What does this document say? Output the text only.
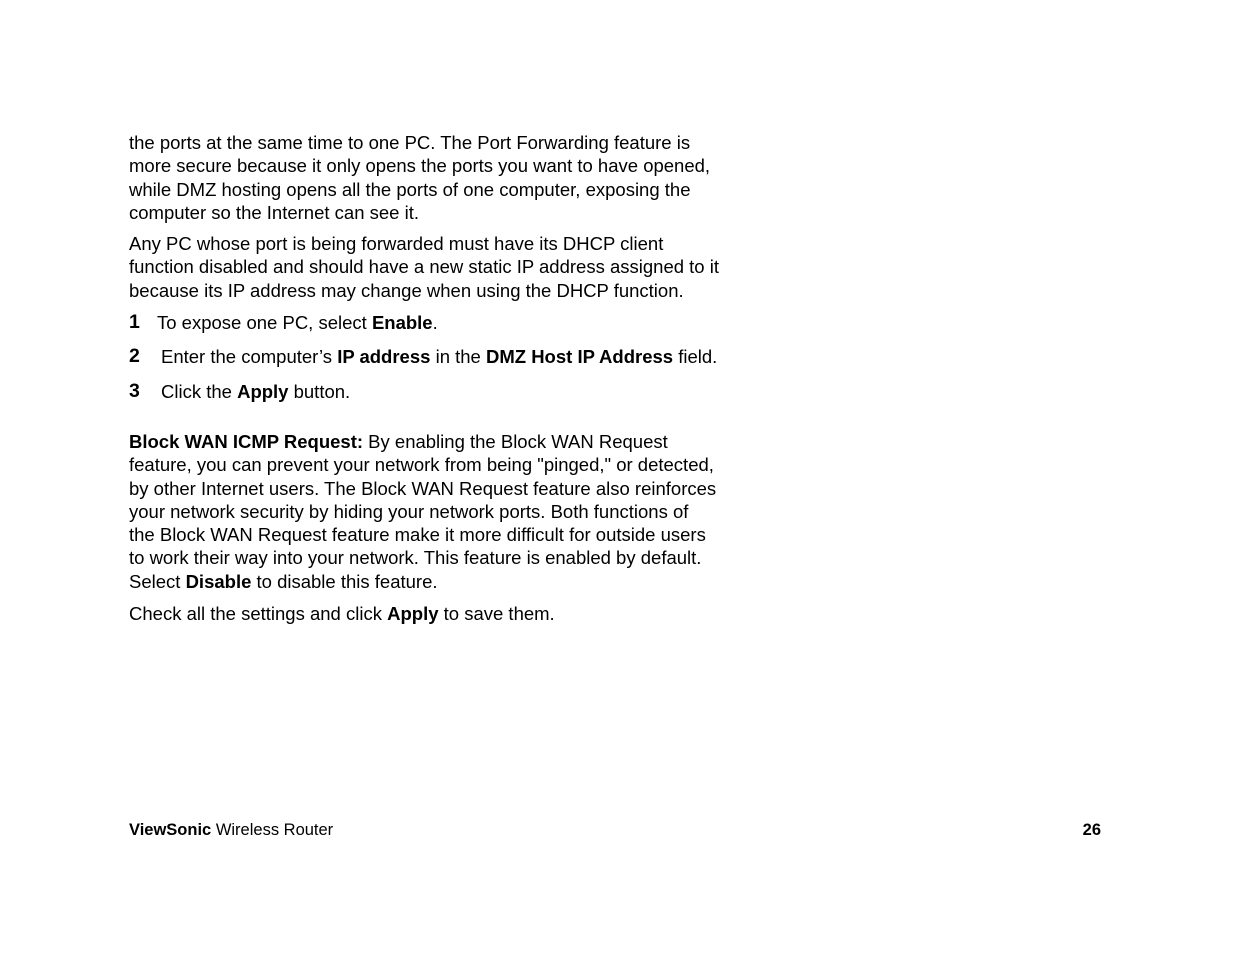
the ports at the same time to one PC. The Port Forwarding feature is more secure because it only opens the ports you want to have opened, while DMZ hosting opens all the ports of one computer, exposing the computer so the Internet can see it.

Any PC whose port is being forwarded must have its DHCP client function disabled and should have a new static IP address assigned to it because its IP address may change when using the DHCP function.

1 To expose one PC, select Enable.

2 Enter the computer’s IP address in the DMZ Host IP Address field.

3 Click the Apply button.

Block WAN ICMP Request: By enabling the Block WAN Request feature, you can prevent your network from being "pinged," or detected, by other Internet users. The Block WAN Request feature also reinforces your network security by hiding your network ports. Both functions of the Block WAN Request feature make it more difficult for outside users to work their way into your network. This feature is enabled by default. Select Disable to disable this feature.

Check all the settings and click Apply to save them.

ViewSonic Wireless Router	26
